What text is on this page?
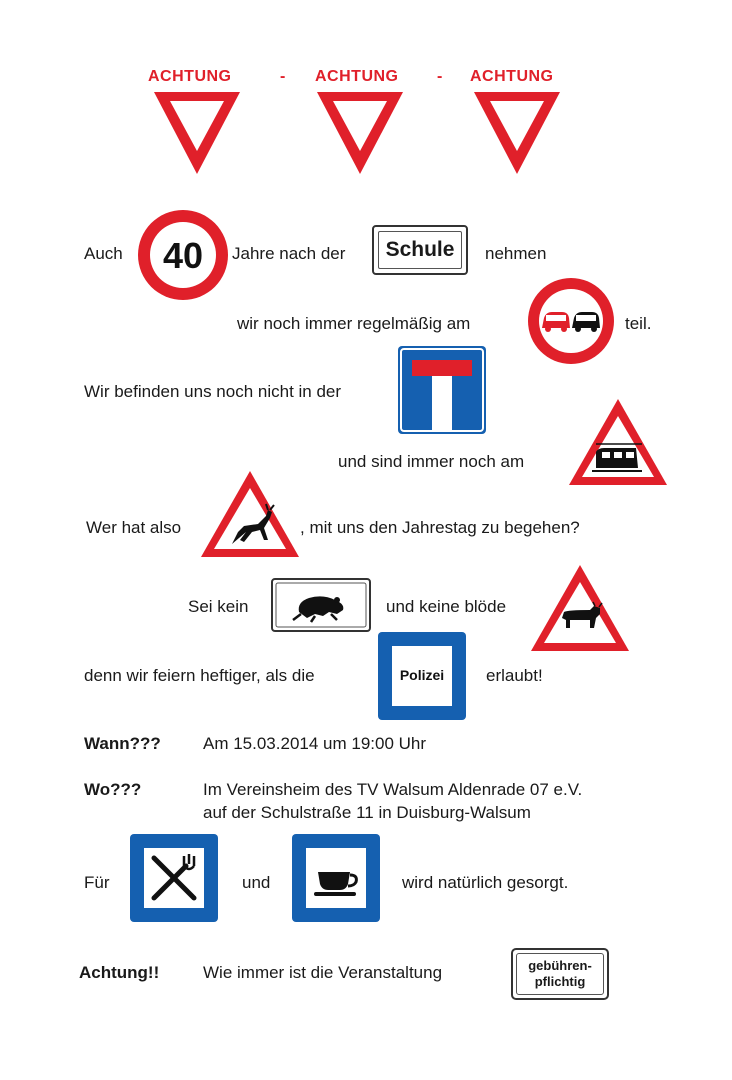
ACHTUNG	- ACHTUNG - ACHTUNG
Auch 40 Jahre nach der	Schule	nehmen
wir noch immer regelmäßig am	teil.
Wir befinden uns noch nicht in der
und sind immer noch am
Wer hat also	, mit uns den Jahrestag zu begehen?
Sei kein	und keine blöde
denn wir feiern heftiger, als die	Polizei	erlaubt!
Wann??? Am 15.03.2014 um 19:00 Uhr
Wo???	Im Vereinsheim des TV Walsum Aldenrade 07 e.V.
auf der Schulstraße 11 in Duisburg-Walsum
Für	und	wird natürlich gesorgt.
Achtung!!	Wie immer ist die Veranstaltung	gebühren-
pflichtig
